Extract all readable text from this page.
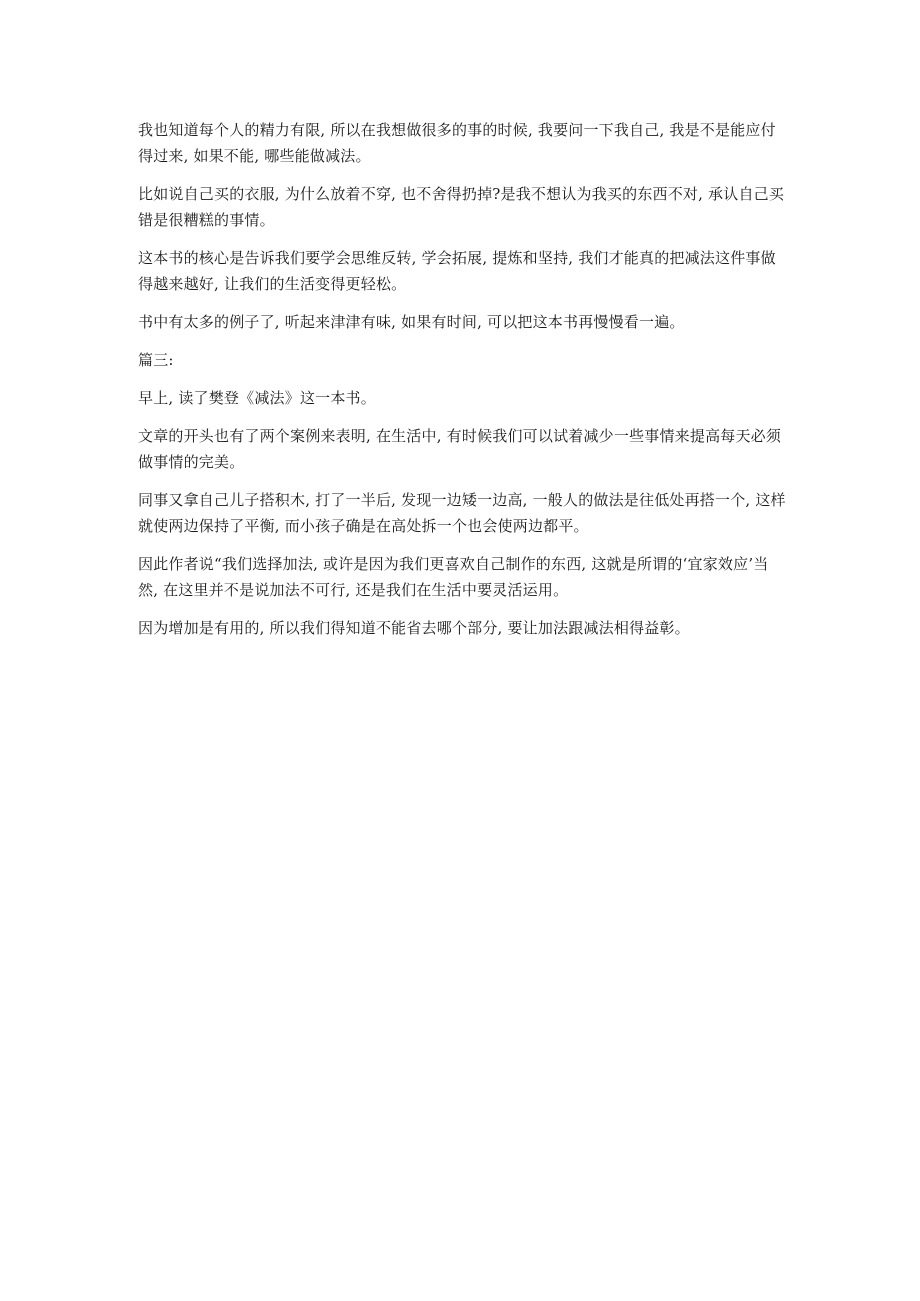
我也知道每个人的精力有限, 所以在我想做很多的事的时候, 我要问一下我自己, 我是不是能应付得过来, 如果不能, 哪些能做减法。

比如说自己买的衣服, 为什么放着不穿, 也不舍得扔掉?是我不想认为我买的东西不对, 承认自己买错是很糟糕的事情。

这本书的核心是告诉我们要学会思维反转, 学会拓展, 提炼和坚持, 我们才能真的把减法这件事做得越来越好, 让我们的生活变得更轻松。

书中有太多的例子了, 听起来津津有味, 如果有时间, 可以把这本书再慢慢看一遍。

篇三:

早上, 读了樊登《减法》这一本书。

文章的开头也有了两个案例来表明, 在生活中, 有时候我们可以试着减少一些事情来提高每天必须做事情的完美。

同事又拿自己儿子搭积木, 打了一半后, 发现一边矮一边高, 一般人的做法是往低处再搭一个, 这样就使两边保持了平衡, 而小孩子确是在高处拆一个也会使两边都平。

因此作者说“我们选择加法, 或许是因为我们更喜欢自己制作的东西, 这就是所谓的‘宜家效应’当然, 在这里并不是说加法不可行, 还是我们在生活中要灵活运用。

因为增加是有用的, 所以我们得知道不能省去哪个部分, 要让加法跟减法相得益彰。
